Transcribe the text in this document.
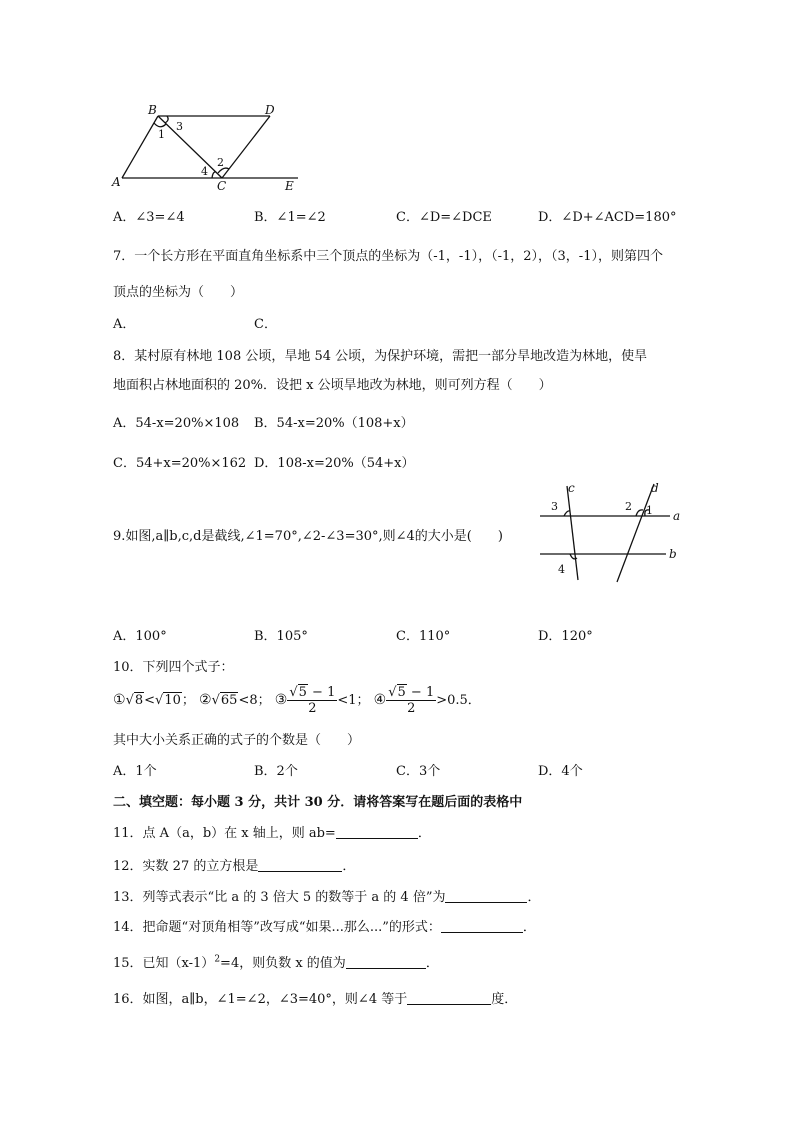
B	D
A	C	E
1
3
4
2
A．∠3=∠4	B．∠1=∠2	C．∠D=∠DCE	D．∠D+∠ACD=180°
7．一个长方形在平面直角坐标系中三个顶点的坐标为（-1，-1），（-1，2），（3，-1），则第四个
顶点的坐标为（　　）
A．	C．
8．某村原有林地 108 公顷，旱地 54 公顷，为保护环境，需把一部分旱地改造为林地，使旱
地面积占林地面积的 20%．设把 x 公顷旱地改为林地，则可列方程（　　）
A．54-x=20%×108 B．54-x=20%（108+x）
C．54+x=20%×162 D．108-x=20%（54+x）
9.如图,a∥b,c,d是截线,∠1=70°,∠2-∠3=30°,则∠4的大小是(　　)
c	d
a
b
3	2 1
4
A．100°	B．105°	C．110°	D．120°
10．下列四个式子：
①√8<√10； ②√65<8； ③ $\frac{√5 - 1}{2} <1$； ④ $\frac{√5 - 1}{2} >0.5$．
其中大小关系正确的式子的个数是（　　）
A．1个	B．2个	C．3个	D．4个
二、填空题：每小题 3 分，共计 30 分．请将答案写在题后面的表格中
11．点 A（a，b）在 x 轴上，则 ab=	．
12．实数 27 的立方根是	．
13．列等式表示“比 a 的 3 倍大 5 的数等于 a 的 4 倍”为	．
14．把命题“对顶角相等”改写成“如果...那么...”的形式：	．
15．已知$(x-1)^2=4$，则负数 x 的值为	．
16．如图，a∥b，∠1=∠2，∠3=40°，则∠4 等于	度．
